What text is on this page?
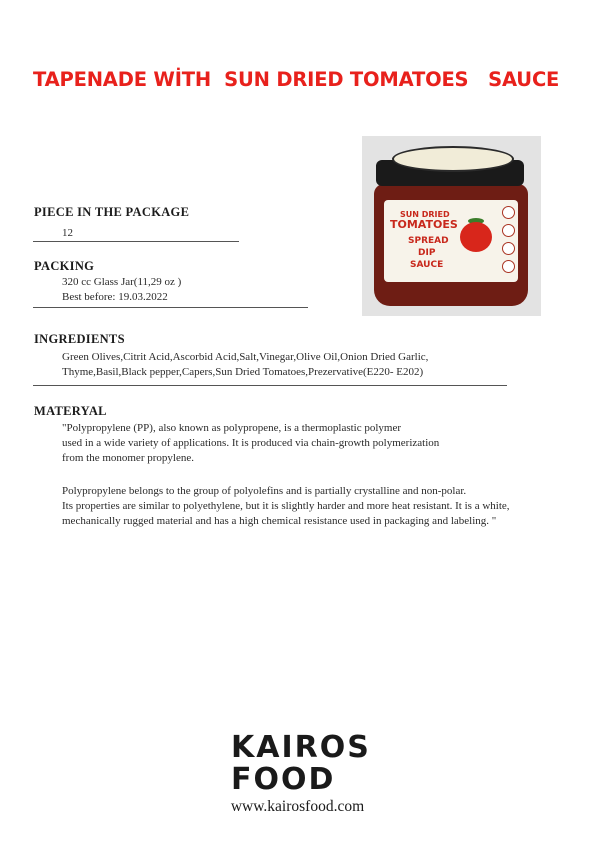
TAPENADE WİTH  SUN DRIED TOMATOES   SAUCE
SUN DRIED
TOMATOES
SPREAD
DIP
SAUCE
PIECE IN THE PACKAGE
12
PACKING
320 cc Glass Jar(11,29 oz )
Best before: 19.03.2022
INGREDIENTS
Green Olives,Citrit Acid,Ascorbid Acid,Salt,Vinegar,Olive Oil,Onion Dried Garlic,
Thyme,Basil,Black pepper,Capers,Sun Dried Tomatoes,Prezervative(E220- E202)
MATERYAL
"Polypropylene (PP), also known as polypropene, is a thermoplastic polymer
used in a wide variety of applications. It is produced via chain-growth polymerization
from the monomer propylene.
Polypropylene belongs to the group of polyolefins and is partially crystalline and non-polar.
Its properties are similar to polyethylene, but it is slightly harder and more heat resistant. It is a white,
mechanically rugged material and has a high chemical resistance used in packaging and labeling. "
KAIROS
FOOD

www.kairosfood.com
